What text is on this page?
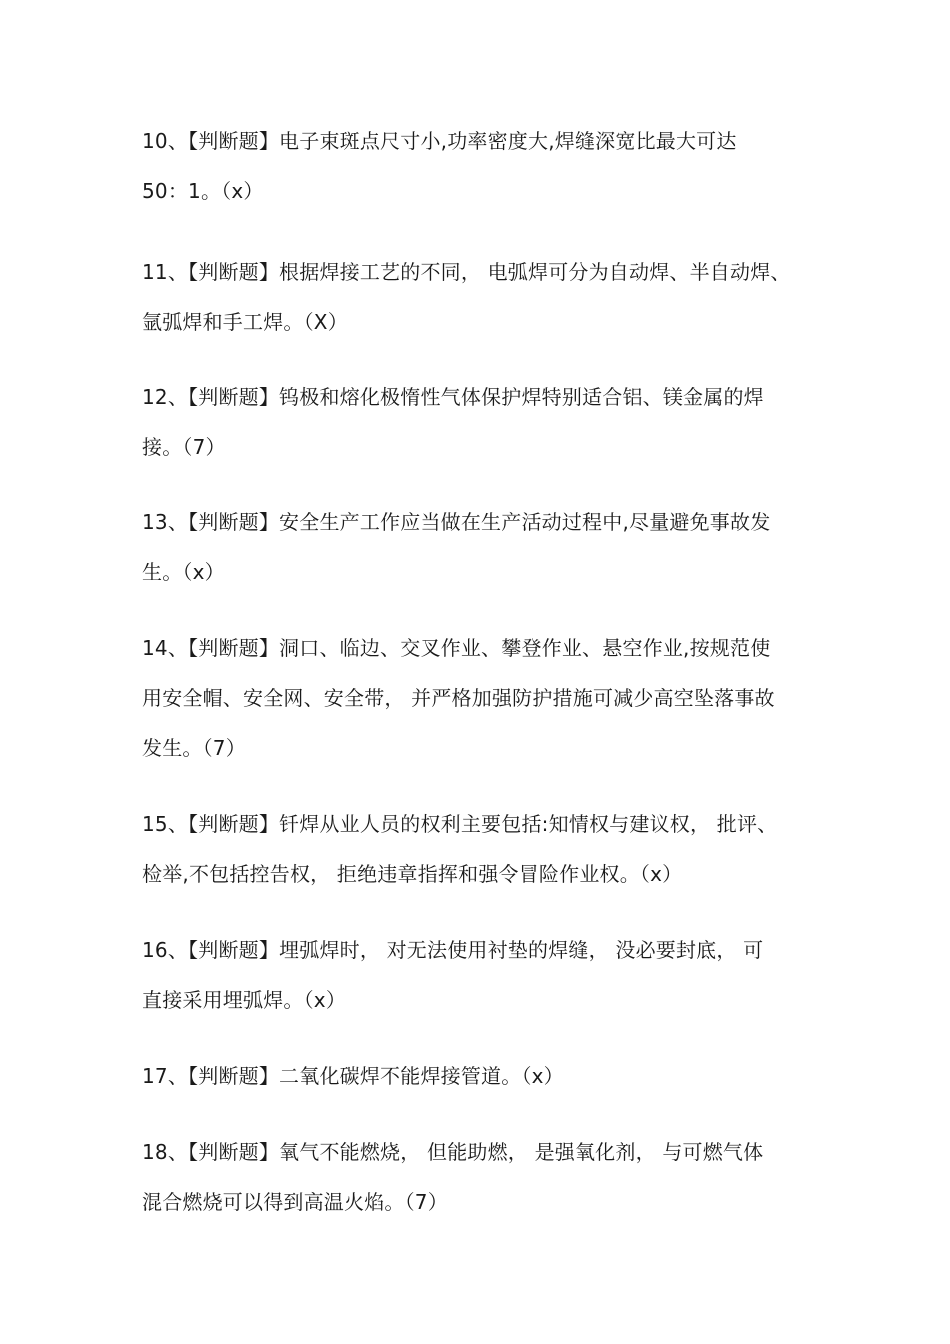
10、【判断题】电子束斑点尺寸小,功率密度大,焊缝深宽比最大可达
50：1。（x）
11、【判断题】根据焊接工艺的不同， 电弧焊可分为自动焊、半自动焊、
氩弧焊和手工焊。（X）
12、【判断题】钨极和熔化极惰性气体保护焊特别适合铝、镁金属的焊
接。（7）
13、【判断题】安全生产工作应当做在生产活动过程中,尽量避免事故发
生。（x）
14、【判断题】洞口、临边、交叉作业、攀登作业、悬空作业,按规范使
用安全帽、安全网、安全带， 并严格加强防护措施可减少高空坠落事故
发生。（7）
15、【判断题】钎焊从业人员的权利主要包括:知情权与建议权， 批评、
检举,不包括控告权， 拒绝违章指挥和强令冒险作业权。（x）
16、【判断题】埋弧焊时， 对无法使用衬垫的焊缝， 没必要封底， 可
直接采用埋弧焊。（x）
17、【判断题】二氧化碳焊不能焊接管道。（x）
18、【判断题】氧气不能燃烧， 但能助燃， 是强氧化剂， 与可燃气体
混合燃烧可以得到高温火焰。（7）
